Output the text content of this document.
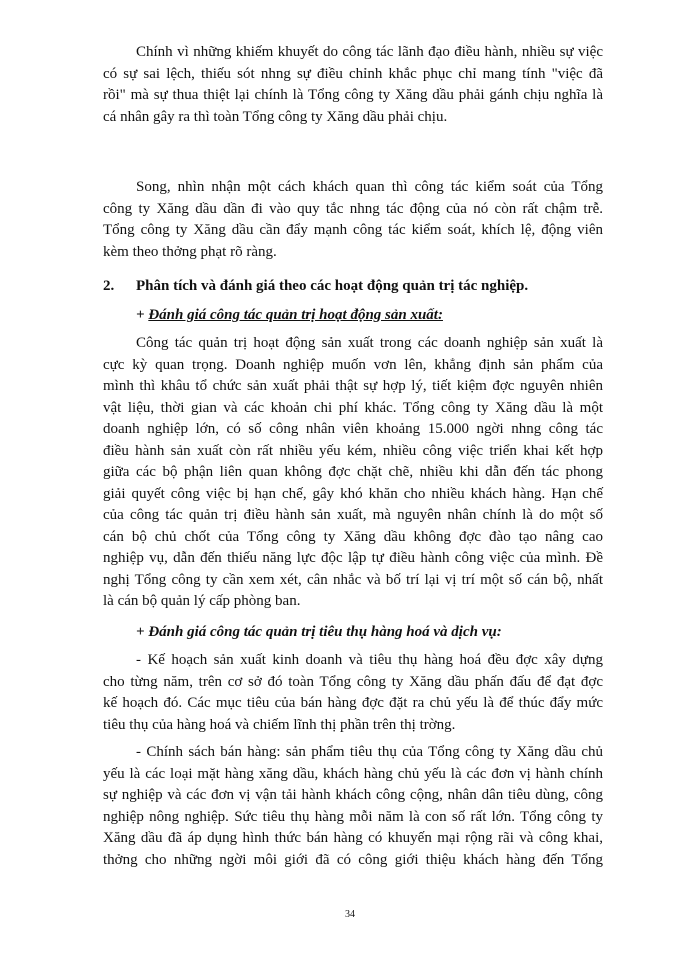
Chính vì những khiếm khuyết do công tác lãnh đạo điều hành, nhiều sự việc
có sự sai lệch, thiếu sót nhng sự điều chỉnh khắc phục chỉ mang tính "việc đã
rồi" mà sự thua thiệt lại chính là Tổng công ty Xăng dầu phải gánh chịu nghĩa là
cá nhân gây ra thì toàn Tổng công ty Xăng dầu phải chịu.
Song, nhìn nhận một cách khách quan thì công tác kiểm soát của Tổng
công ty Xăng dầu dần đi vào quy tắc nhng tác động của nó còn rất chậm trễ.
Tổng công ty Xăng dầu cần đẩy mạnh công tác kiểm soát, khích lệ, động viên
kèm theo thởng phạt rõ ràng.
2. Phân tích và đánh giá theo các hoạt động quản trị tác nghiệp.
+ Đánh giá công tác quản trị hoạt động sản xuất:
Công tác quản trị hoạt động sản xuất trong các doanh nghiệp sản xuất là
cực kỳ quan trọng. Doanh nghiệp muốn vơn lên, khẳng định sản phẩm của
mình thì khâu tổ chức sản xuất phải thật sự hợp lý, tiết kiệm đợc nguyên nhiên
vật liệu, thời gian và các khoản chi phí khác. Tổng công ty Xăng dầu là một
doanh nghiệp lớn, có số công nhân viên khoảng 15.000 ngời nhng công tác
điều hành sản xuất còn rất nhiều yếu kém, nhiều công việc triển khai kết hợp
giữa các bộ phận liên quan không đợc chặt chẽ, nhiều khi dẫn đến tác phong
giải quyết công việc bị hạn chế, gây khó khăn cho nhiều khách hàng. Hạn chế
của công tác quản trị điều hành sản xuất, mà nguyên nhân chính là do một số
cán bộ chủ chốt của Tổng công ty Xăng dầu không đợc đào tạo nâng cao
nghiệp vụ, dẫn đến thiếu năng lực độc lập tự điều hành công việc của mình. Đề
nghị Tổng công ty cần xem xét, cân nhắc và bố trí lại vị trí một số cán bộ, nhất
là cán bộ quản lý cấp phòng ban.
+ Đánh giá công tác quản trị tiêu thụ hàng hoá và dịch vụ:
- Kế hoạch sản xuất kinh doanh và tiêu thụ hàng hoá đều đợc xây dựng
cho từng năm, trên cơ sở đó toàn Tổng công ty Xăng dầu phấn đấu để đạt đợc
kế hoạch đó. Các mục tiêu của bán hàng đợc đặt ra chủ yếu là để thúc đẩy mức
tiêu thụ của hàng hoá và chiếm lĩnh thị phần trên thị trờng.
- Chính sách bán hàng: sản phẩm tiêu thụ của Tổng công ty Xăng dầu chủ
yếu là các loại mặt hàng xăng dầu, khách hàng chủ yếu là các đơn vị hành chính
sự nghiệp và các đơn vị vận tải hành khách công cộng, nhân dân tiêu dùng, công
nghiệp nông nghiệp. Sức tiêu thụ hàng mỗi năm là con số rất lớn. Tổng công ty
Xăng dầu đã áp dụng hình thức bán hàng có khuyến mại rộng rãi và công khai,
thởng cho những ngời môi giới đã có công giới thiệu khách hàng đến Tổng
34
